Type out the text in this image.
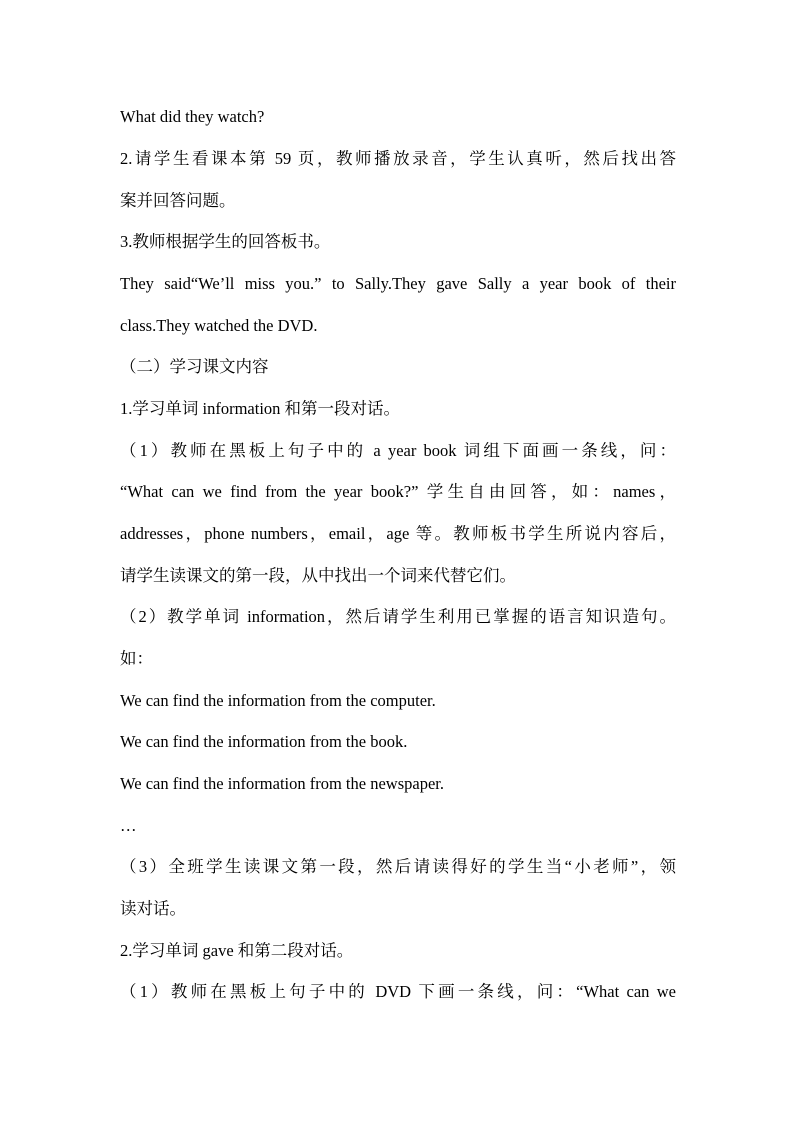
What did they watch?
2.请学生看课本第 59 页，教师播放录音，学生认真听，然后找出答
案并回答问题。
3.教师根据学生的回答板书。
They said“We’ll miss you.” to Sally.They gave Sally a year book of their
class.They watched the DVD.
（二）学习课文内容
1.学习单词 information 和第一段对话。
（1）教师在黑板上句子中的 a year book 词组下面画一条线，问：
“What can we find from the year book?” 学生自由回答，如：names，
addresses，phone numbers，email，age 等。教师板书学生所说内容后，
请学生读课文的第一段，从中找出一个词来代替它们。
（2）教学单词 information，然后请学生利用已掌握的语言知识造句。
如：
We can find the information from the computer.
We can find the information from the book.
We can find the information from the newspaper.
…
（3）全班学生读课文第一段，然后请读得好的学生当“小老师”，领
读对话。
2.学习单词 gave 和第二段对话。
（1）教师在黑板上句子中的 DVD 下画一条线，问：“What can we
